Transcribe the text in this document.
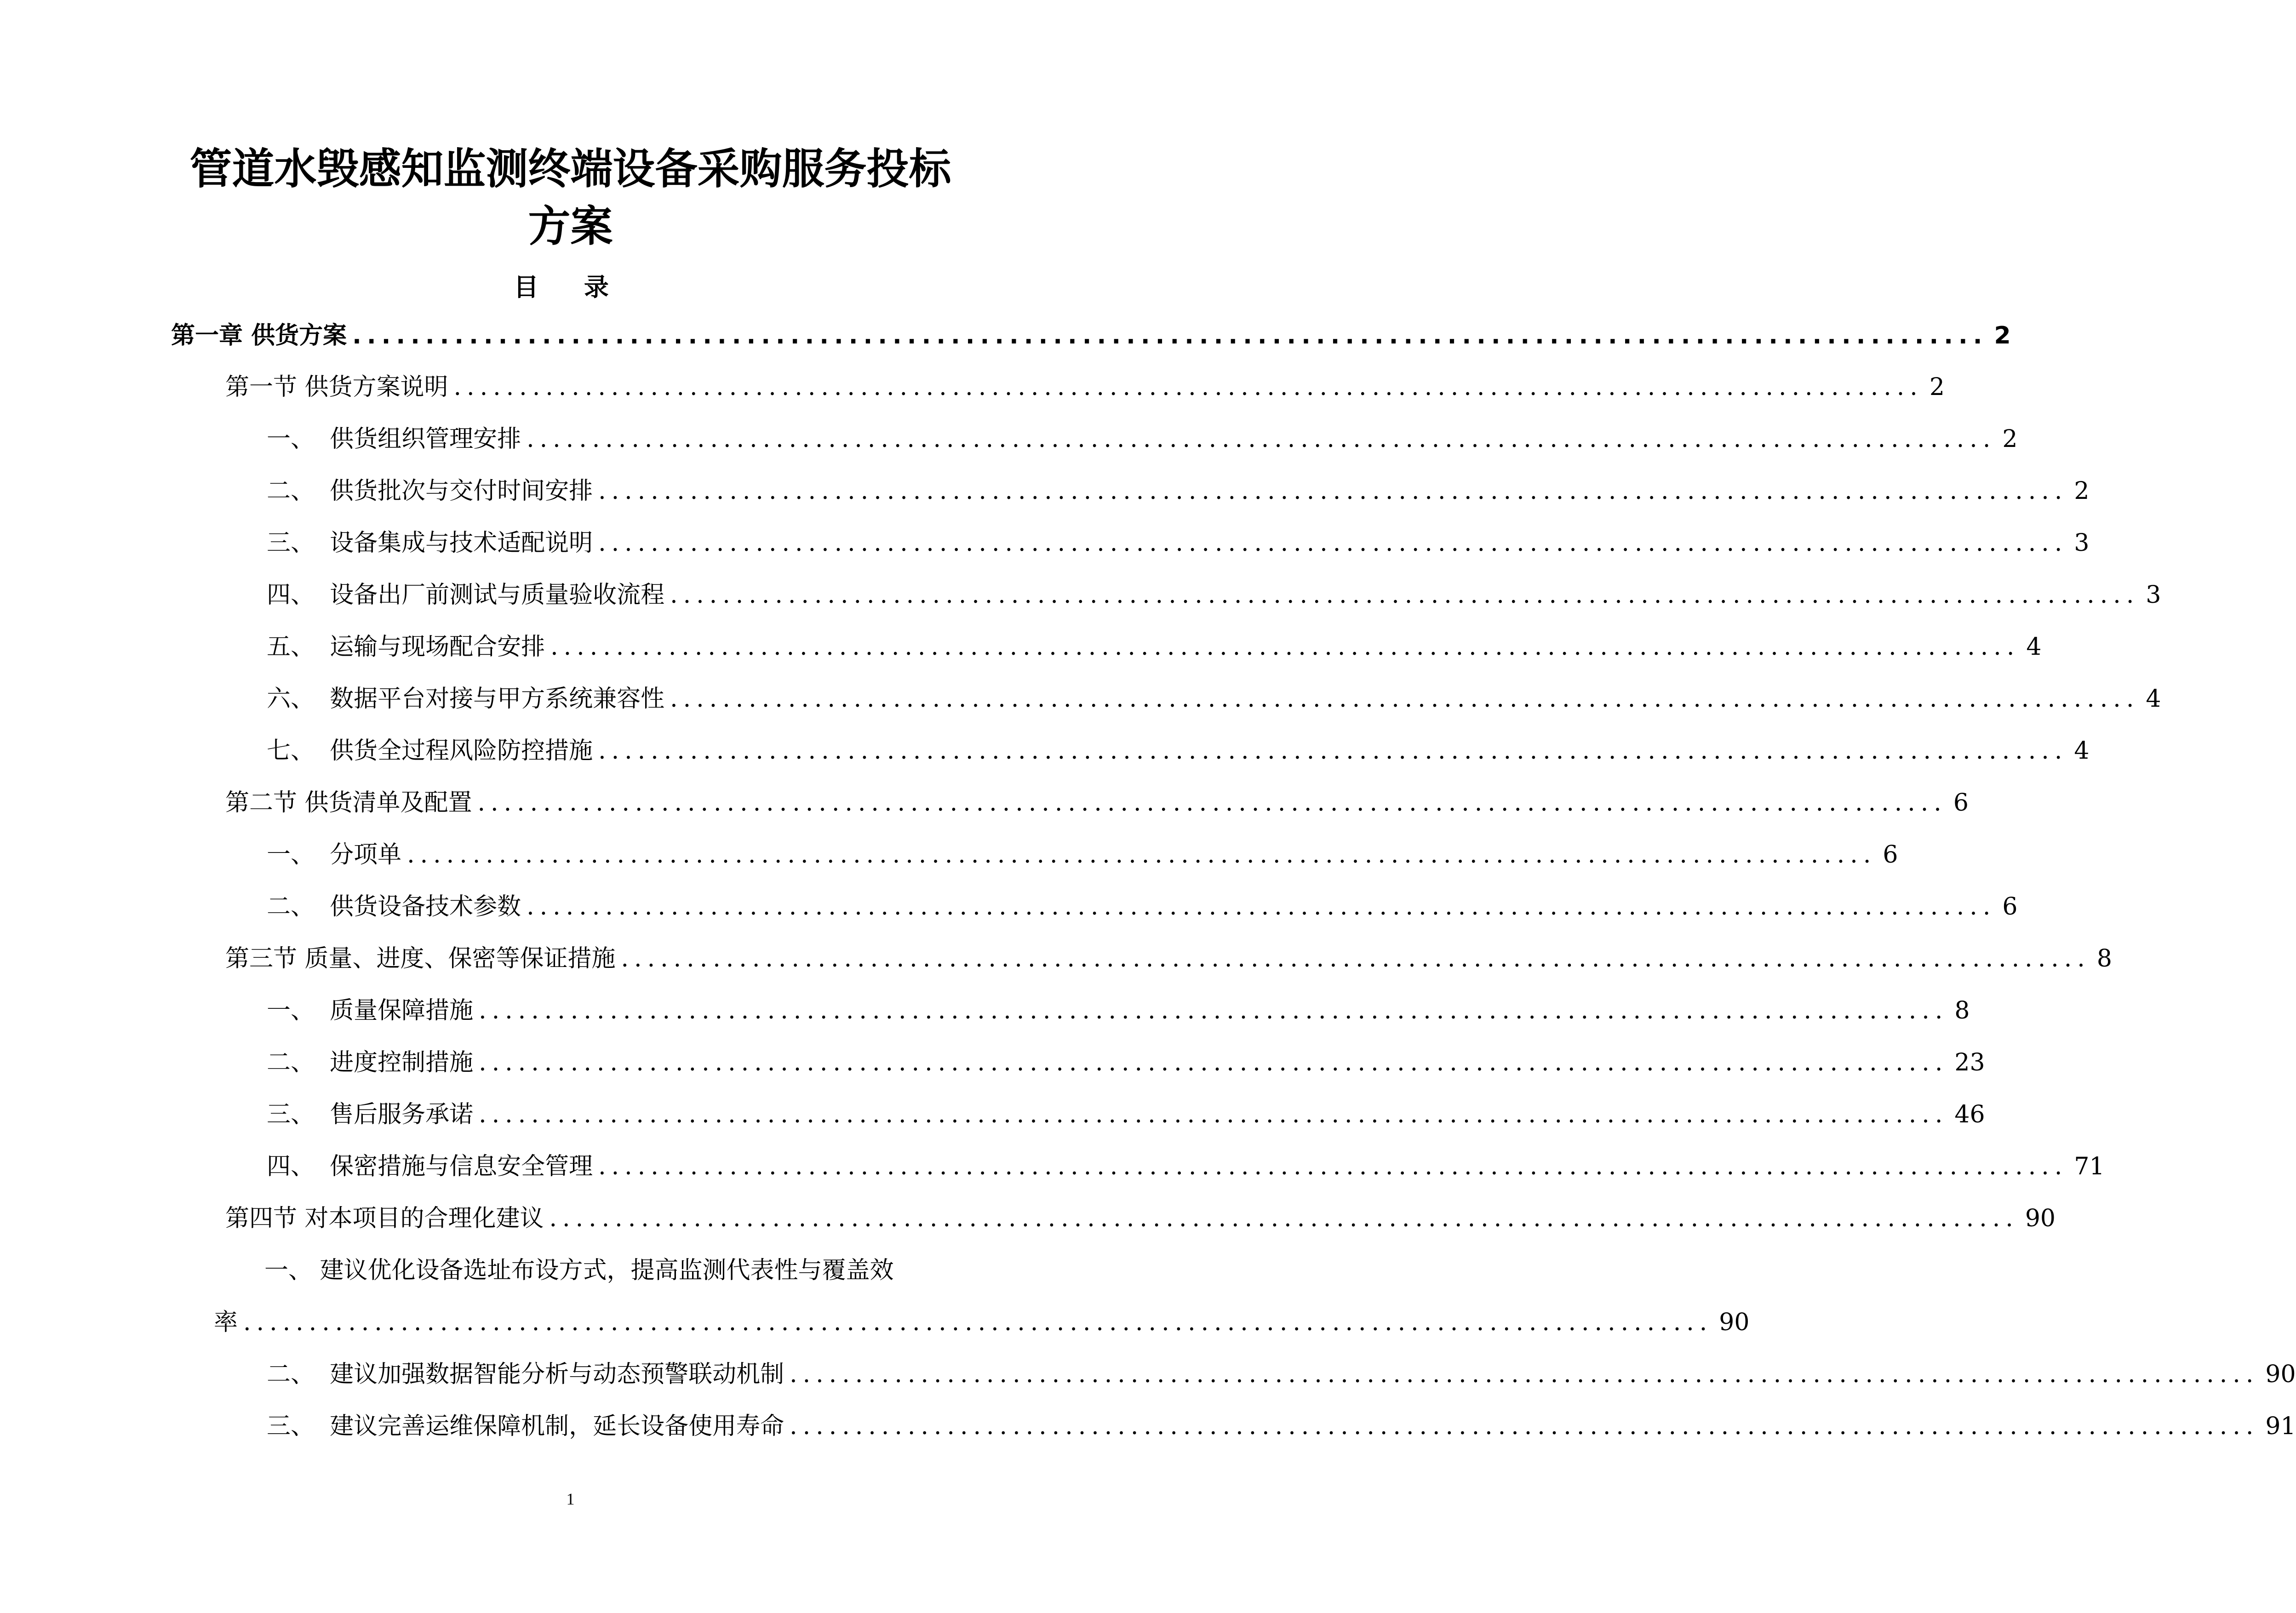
管道水毁感知监测终端设备采购服务投标
方案
目 录
第一章 供货方案 ................................................................................................................ 2
第一节 供货方案说明 ................................................................................................................ 2
一、 供货组织管理安排 ................................................................................................................ 2
二、 供货批次与交付时间安排 ................................................................................................................ 2
三、 设备集成与技术适配说明 ................................................................................................................ 3
四、 设备出厂前测试与质量验收流程 ................................................................................................................ 3
五、 运输与现场配合安排 ................................................................................................................ 4
六、 数据平台对接与甲方系统兼容性 ................................................................................................................ 4
七、 供货全过程风险防控措施 ................................................................................................................ 4
第二节 供货清单及配置 ................................................................................................................ 6
一、 分项单 ................................................................................................................ 6
二、 供货设备技术参数 ................................................................................................................ 6
第三节 质量、进度、保密等保证措施 ................................................................................................................ 8
一、 质量保障措施 ................................................................................................................ 8
二、 进度控制措施 ................................................................................................................ 23
三、 售后服务承诺 ................................................................................................................ 46
四、 保密措施与信息安全管理 ................................................................................................................ 71
第四节 对本项目的合理化建议 ................................................................................................................ 90
一、 建议优化设备选址布设方式，提高监测代表性与覆盖效
率 ................................................................................................................ 90
二、 建议加强数据智能分析与动态预警联动机制 ................................................................................................................ 90
三、 建议完善运维保障机制，延长设备使用寿命 ................................................................................................................ 91
1
